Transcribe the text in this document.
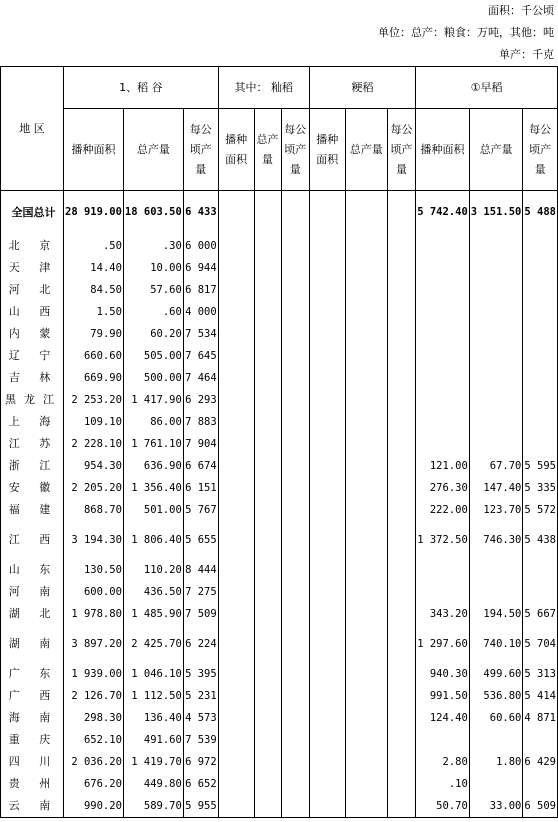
面积：千公顷
单位：总产：粮食：万吨，其他：吨
单产：千克
地 区	1、稻 谷			其中： 籼稻			粳稻			①早稻		
	播种面积	总产量	每公顷产量	播种面积	总产量	每公顷产量	播种面积	总产量	每公顷产量	播种面积	总产量	每公顷产量
全国总计	28 919.00	18 603.50	6 433							5 742.40	3 151.50	5 488
北 京	.50	.30	6 000									
天 津	14.40	10.00	6 944									
河 北	84.50	57.60	6 817									
山 西	1.50	.60	4 000									
内 蒙	79.90	60.20	7 534									
辽 宁	660.60	505.00	7 645									
吉 林	669.90	500.00	7 464									
黑龙江	2 253.20	1 417.90	6 293									
上 海	109.10	86.00	7 883									
江 苏	2 228.10	1 761.10	7 904									
浙 江	954.30	636.90	6 674							121.00	67.70	5 595
安 徽	2 205.20	1 356.40	6 151							276.30	147.40	5 335
福 建	868.70	501.00	5 767							222.00	123.70	5 572
江 西	3 194.30	1 806.40	5 655							1 372.50	746.30	5 438
山 东	130.50	110.20	8 444									
河 南	600.00	436.50	7 275									
湖 北	1 978.80	1 485.90	7 509							343.20	194.50	5 667
湖 南	3 897.20	2 425.70	6 224							1 297.60	740.10	5 704
广 东	1 939.00	1 046.10	5 395							940.30	499.60	5 313
广 西	2 126.70	1 112.50	5 231							991.50	536.80	5 414
海 南	298.30	136.40	4 573							124.40	60.60	4 871
重 庆	652.10	491.60	7 539									
四 川	2 036.20	1 419.70	6 972							2.80	1.80	6 429
贵 州	676.20	449.80	6 652							.10		
云 南	990.20	589.70	5 955							50.70	33.00	6 509
